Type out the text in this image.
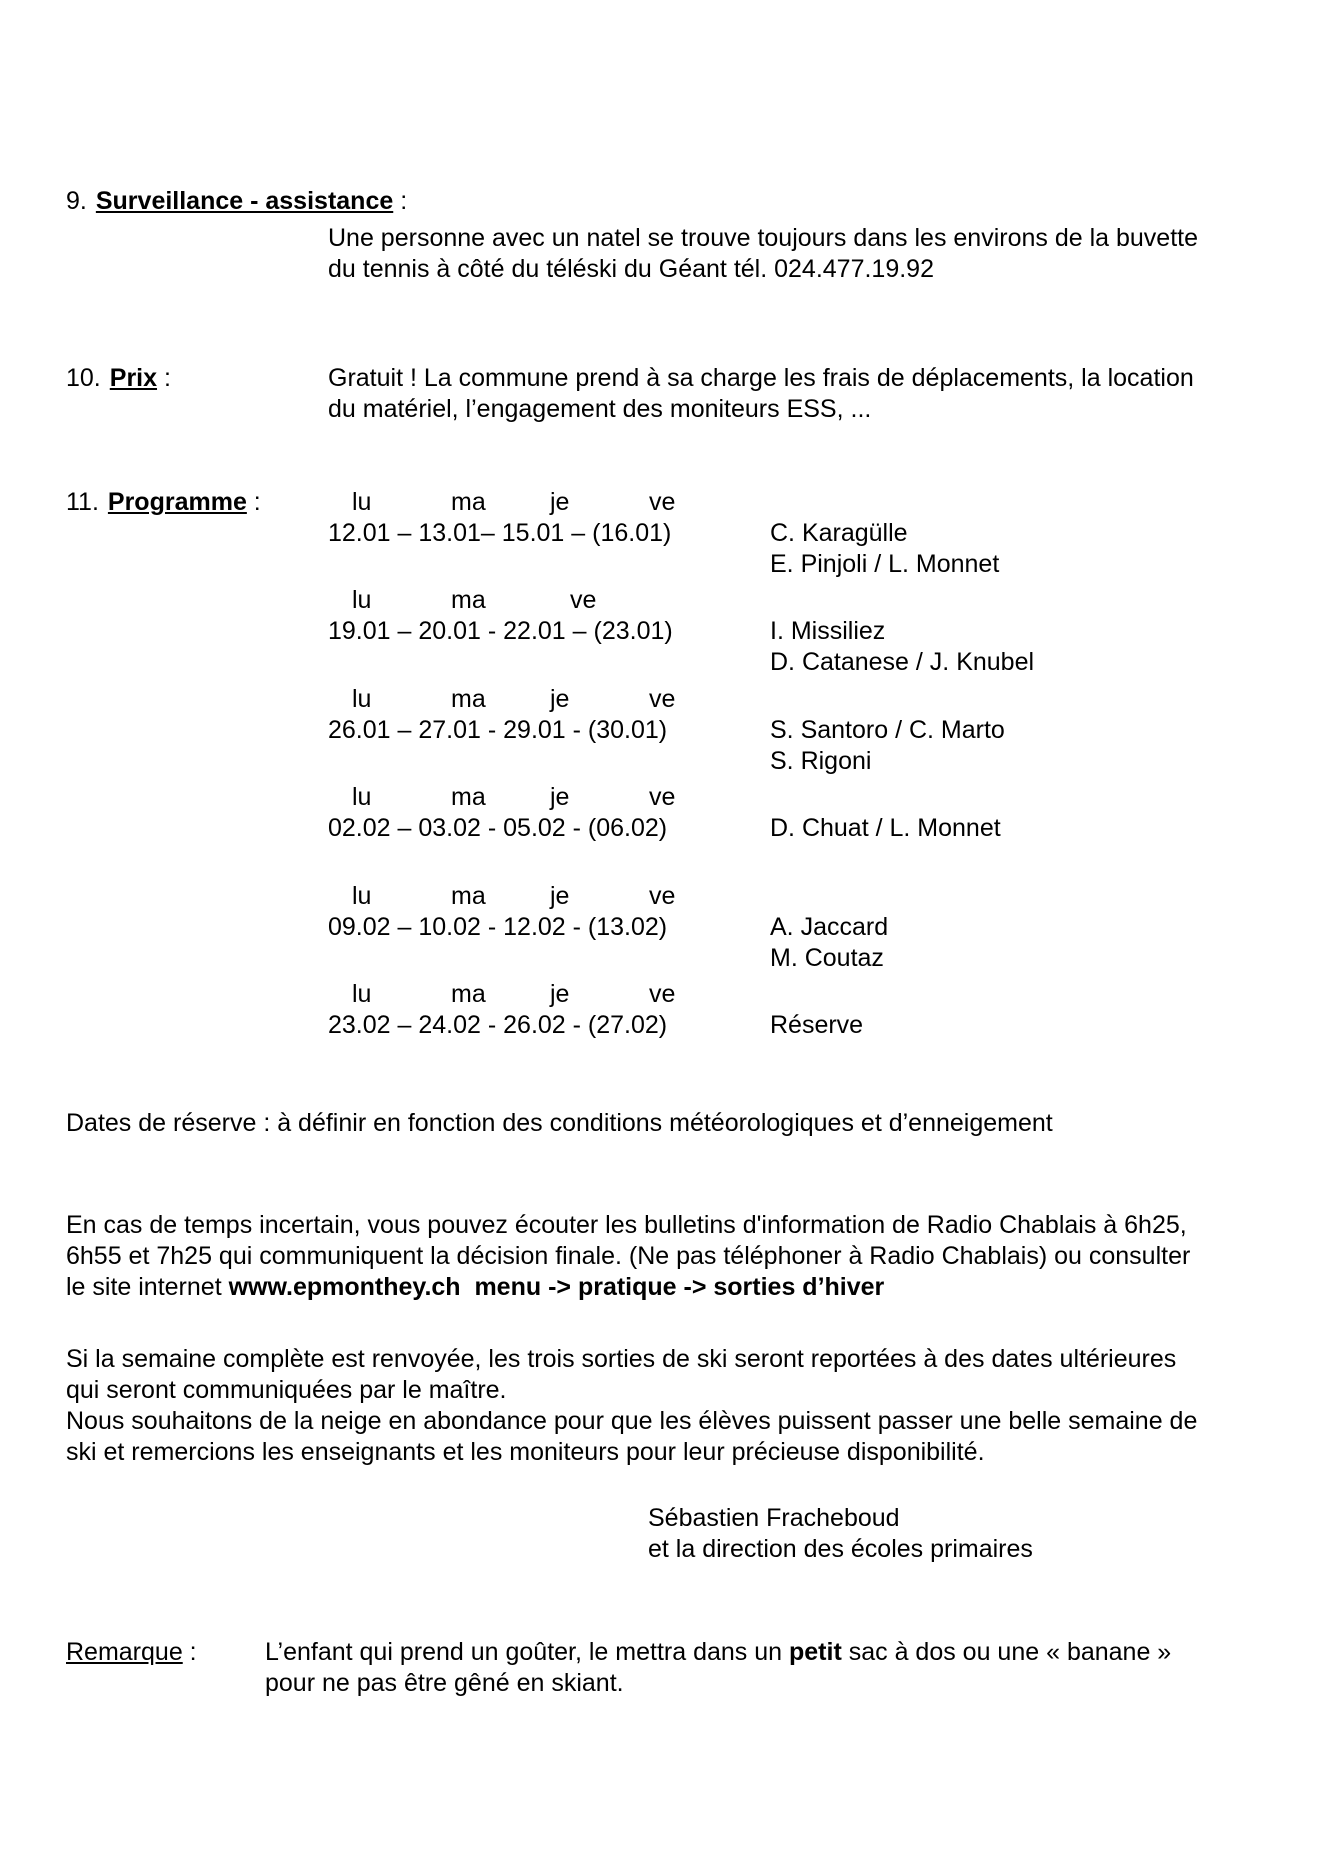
9. Surveillance - assistance :
Une personne avec un natel se trouve toujours dans les environs de la buvette
du tennis à côté du téléski du Géant tél. 024.477.19.92
10. Prix :	Gratuit ! La commune prend à sa charge les frais de déplacements, la location
du matériel, l’engagement des moniteurs ESS, ...
11. Programme :	lu	ma	je	ve
12.01 – 13.01– 15.01 – (16.01)	C. Karagülle
E. Pinjoli / L. Monnet
lu	ma	ve
19.01 – 20.01 - 22.01 – (23.01)	I. Missiliez
D. Catanese / J. Knubel
lu	ma	je	ve
26.01 – 27.01 - 29.01 - (30.01)	S. Santoro / C. Marto
S. Rigoni
lu	ma	je	ve
02.02 – 03.02 - 05.02 - (06.02)	D. Chuat / L. Monnet
lu	ma	je	ve
09.02 – 10.02 - 12.02 - (13.02)	A. Jaccard
M. Coutaz
lu	ma	je	ve
23.02 – 24.02 - 26.02 - (27.02)	Réserve
Dates de réserve : à définir en fonction des conditions météorologiques et d’enneigement
En cas de temps incertain, vous pouvez écouter les bulletins d'information de Radio Chablais à 6h25,
6h55 et 7h25 qui communiquent la décision finale. (Ne pas téléphoner à Radio Chablais) ou consulter
le site internet www.epmonthey.ch  menu -> pratique -> sorties d’hiver
Si la semaine complète est renvoyée, les trois sorties de ski seront reportées à des dates ultérieures
qui seront communiquées par le maître.
Nous souhaitons de la neige en abondance pour que les élèves puissent passer une belle semaine de
ski et remercions les enseignants et les moniteurs pour leur précieuse disponibilité.
Sébastien Fracheboud
et la direction des écoles primaires
Remarque :	L’enfant qui prend un goûter, le mettra dans un petit sac à dos ou une « banane »
pour ne pas être gêné en skiant.
